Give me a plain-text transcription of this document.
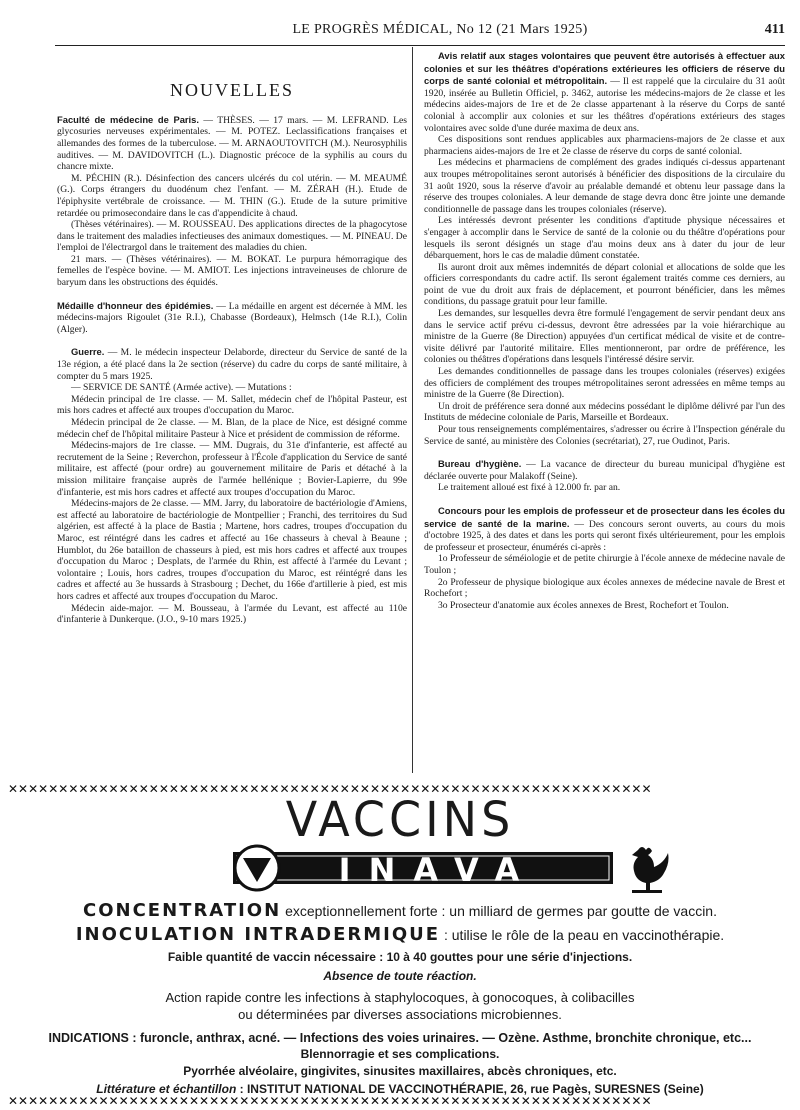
LE PROGRÈS MÉDICAL, No 12 (21 Mars 1925)	411
NOUVELLES

Faculté de médecine de Paris. — THÈSES. — 17 mars. — M. LEFRAND. Les glycosuries nerveuses expérimentales. — M. POTEZ. Leclassifications françaises et allemandes des formes de la tuberculose. — M. ARNAOUTOVITCH (M.). Neurosyphilis auditives. — M. DAVIDOVITCH (L.). Diagnostic précoce de la syphilis au cours du chancre mixte.

M. PÉCHIN (R.). Désinfection des cancers ulcérés du col utérin. — M. MEAUMÉ (G.). Corps étrangers du duodénum chez l'enfant. — M. ZÉRAH (H.). Etude de l'épiphysite vertébrale de croissance. — M. THIN (G.). Etude de la suture primitive retardée ou primosecondaire dans le cas d'appendicite à chaud.

(Thèses vétérinaires). — M. ROUSSEAU. Des applications directes de la phagocytose dans le traitement des maladies infectieuses des animaux domestiques. — M. PINEAU. De l'emploi de l'électrargol dans le traitement des maladies du chien.

21 mars. — (Thèses vétérinaires). — M. BOKAT. Le purpura hémorragique des femelles de l'espèce bovine. — M. AMIOT. Les injections intraveineuses de chlorure de baryum dans les obstructions des équidés.

Médaille d'honneur des épidémies. — La médaille en argent est décernée à MM. les médecins-majors Rigoulet (31e R.I.), Chabasse (Bordeaux), Helmsch (14e R.I.), Colin (Alger).

Guerre. — M. le médecin inspecteur Delaborde, directeur du Service de santé de la 13e région, a été placé dans la 2e section (réserve) du cadre du corps de santé militaire, à compter du 5 mars 1925.

— SERVICE DE SANTÉ (Armée active). — Mutations :

Médecin principal de 1re classe. — M. Sallet, médecin chef de l'hôpital Pasteur, est mis hors cadres et affecté aux troupes d'occupation du Maroc.

Médecin principal de 2e classe. — M. Blan, de la place de Nice, est désigné comme médecin chef de l'hôpital militaire Pasteur à Nice et président de commission de réforme.

Médecins-majors de 1re classe. — MM. Dugrais, du 31e d'infanterie, est affecté au recrutement de la Seine ; Reverchon, professeur à l'École d'application du Service de santé militaire, est affecté (pour ordre) au gouvernement militaire de Paris et détaché à la mission militaire française auprès de l'armée hellénique ; Bovier-Lapierre, du 99e d'infanterie, est mis hors cadres et affecté aux troupes d'occupation du Maroc.

Médecins-majors de 2e classe. — MM. Jarry, du laboratoire de bactériologie d'Amiens, est affecté au laboratoire de bactériologie de Montpellier ; Franchi, des territoires du Sud algérien, est affecté à la place de Bastia ; Martene, hors cadres, troupes d'occupation du Maroc, est réintégré dans les cadres et affecté au 16e chasseurs à cheval à Beaune ; Humblot, du 26e bataillon de chasseurs à pied, est mis hors cadres et affecté aux troupes d'occupation du Maroc ; Desplats, de l'armée du Rhin, est affecté à l'armée du Levant ; volontaire ; Louis, hors cadres, troupes d'occupation du Maroc, est réintégré dans les cadres et affecté au 3e hussards à Strasbourg ; Dechet, du 166e d'artillerie à pied, est mis hors cadres et affecté aux troupes d'occupation du Maroc.

Médecin aide-major. — M. Bousseau, à l'armée du Levant, est affecté au 110e d'infanterie à Dunkerque. (J.O., 9-10 mars 1925.)

Avis relatif aux stages volontaires que peuvent être autorisés à effectuer aux colonies et sur les théâtres d'opérations extérieures les officiers de réserve du corps de santé colonial et métropolitain. — Il est rappelé que la circulaire du 31 août 1920, insérée au Bulletin Officiel, p. 3462, autorise les médecins-majors de 2e classe et les médecins aides-majors de 1re et de 2e classe appartenant à la réserve du Corps de santé colonial à accomplir aux colonies et sur les théâtres d'opérations extérieurs des stages volontaires avec solde d'une durée maxima de deux ans.

Ces dispositions sont rendues applicables aux pharmaciens-majors de 2e classe et aux pharmaciens aides-majors de 1re et 2e classe de réserve du corps de santé colonial.

Les médecins et pharmaciens de complément des grades indiqués ci-dessus appartenant aux troupes métropolitaines seront autorisés à bénéficier des dispositions de la circulaire du 31 août 1920, sous la réserve d'avoir au préalable demandé et obtenu leur passage dans la réserve des troupes coloniales. A leur demande de stage devra donc être jointe une demande conditionnelle de passage dans les troupes coloniales (réserve).

Les intéressés devront présenter les conditions d'aptitude physique nécessaires et s'engager à accomplir dans le Service de santé de la colonie ou du théâtre d'opérations pour lesquels ils seront désignés un stage d'au moins deux ans à dater du jour de leur débarquement, hors le cas de maladie dûment constatée.

Ils auront droit aux mêmes indemnités de départ colonial et allocations de solde que les officiers correspondants du cadre actif. Ils seront également traités comme ces derniers, au point de vue du droit aux frais de déplacement, et pourront bénéficier, dans les mêmes conditions, du passage gratuit pour leur famille.

Les demandes, sur lesquelles devra être formulé l'engagement de servir pendant deux ans dans le service actif prévu ci-dessus, devront être adressées par la voie hiérarchique au ministre de la Guerre (8e Direction) appuyées d'un certificat médical de visite et de contre-visite délivré par l'autorité militaire. Elles mentionneront, par ordre de préférence, les colonies ou théâtres d'opérations dans lesquels l'intéressé désire servir.

Les demandes conditionnelles de passage dans les troupes coloniales (réserves) exigées des officiers de complément des troupes métropolitaines seront adressées en même temps au ministre de la Guerre (8e Direction).

Un droit de préférence sera donné aux médecins possédant le diplôme délivré par l'un des Instituts de médecine coloniale de Paris, Marseille et Bordeaux.

Pour tous renseignements complémentaires, s'adresser ou écrire à l'Inspection générale du Service de santé, au ministère des Colonies (secrétariat), 27, rue Oudinot, Paris.

Bureau d'hygiène. — La vacance de directeur du bureau municipal d'hygiène est déclarée ouverte pour Malakoff (Seine).

Le traitement alloué est fixé à 12.000 fr. par an.

Concours pour les emplois de professeur et de prosecteur dans les écoles du service de santé de la marine. — Des concours seront ouverts, au cours du mois d'octobre 1925, à des dates et dans les ports qui seront fixés ultérieurement, pour les emplois de professeur et prosecteur, énumérés ci-après :

1o Professeur de séméiologie et de petite chirurgie à l'école annexe de médecine navale de Toulon ;

2o Professeur de physique biologique aux écoles annexes de médecine navale de Brest et Rochefort ;

3o Prosecteur d'anatomie aux écoles annexes de Brest, Rochefort et Toulon.

✕✕✕✕✕✕✕✕✕✕✕✕✕✕✕✕✕✕✕✕✕✕✕✕✕✕✕✕✕✕✕✕✕✕✕✕✕✕✕✕✕✕✕✕✕✕✕✕✕✕✕✕✕✕✕✕✕✕✕✕✕✕✕✕
VACCINS
INAVA
CONCENTRATION exceptionnellement forte : un milliard de germes par goutte de vaccin.
INOCULATION INTRADERMIQUE : utilise le rôle de la peau en vaccinothérapie.
Faible quantité de vaccin nécessaire : 10 à 40 gouttes pour une série d'injections.
Absence de toute réaction.
Action rapide contre les infections à staphylocoques, à gonocoques, à colibacilles
ou déterminées par diverses associations microbiennes.
INDICATIONS : furoncle, anthrax, acné. — Infections des voies urinaires. — Ozène. Asthme, bronchite chronique, etc...
Blennorragie et ses complications.
Pyorrhée alvéolaire, gingivites, sinusites maxillaires, abcès chroniques, etc.
Littérature et échantillon : INSTITUT NATIONAL DE VACCINOTHÉRAPIE, 26, rue Pagès, SURESNES (Seine)
✕✕✕✕✕✕✕✕✕✕✕✕✕✕✕✕✕✕✕✕✕✕✕✕✕✕✕✕✕✕✕✕✕✕✕✕✕✕✕✕✕✕✕✕✕✕✕✕✕✕✕✕✕✕✕✕✕✕✕✕✕✕✕✕
